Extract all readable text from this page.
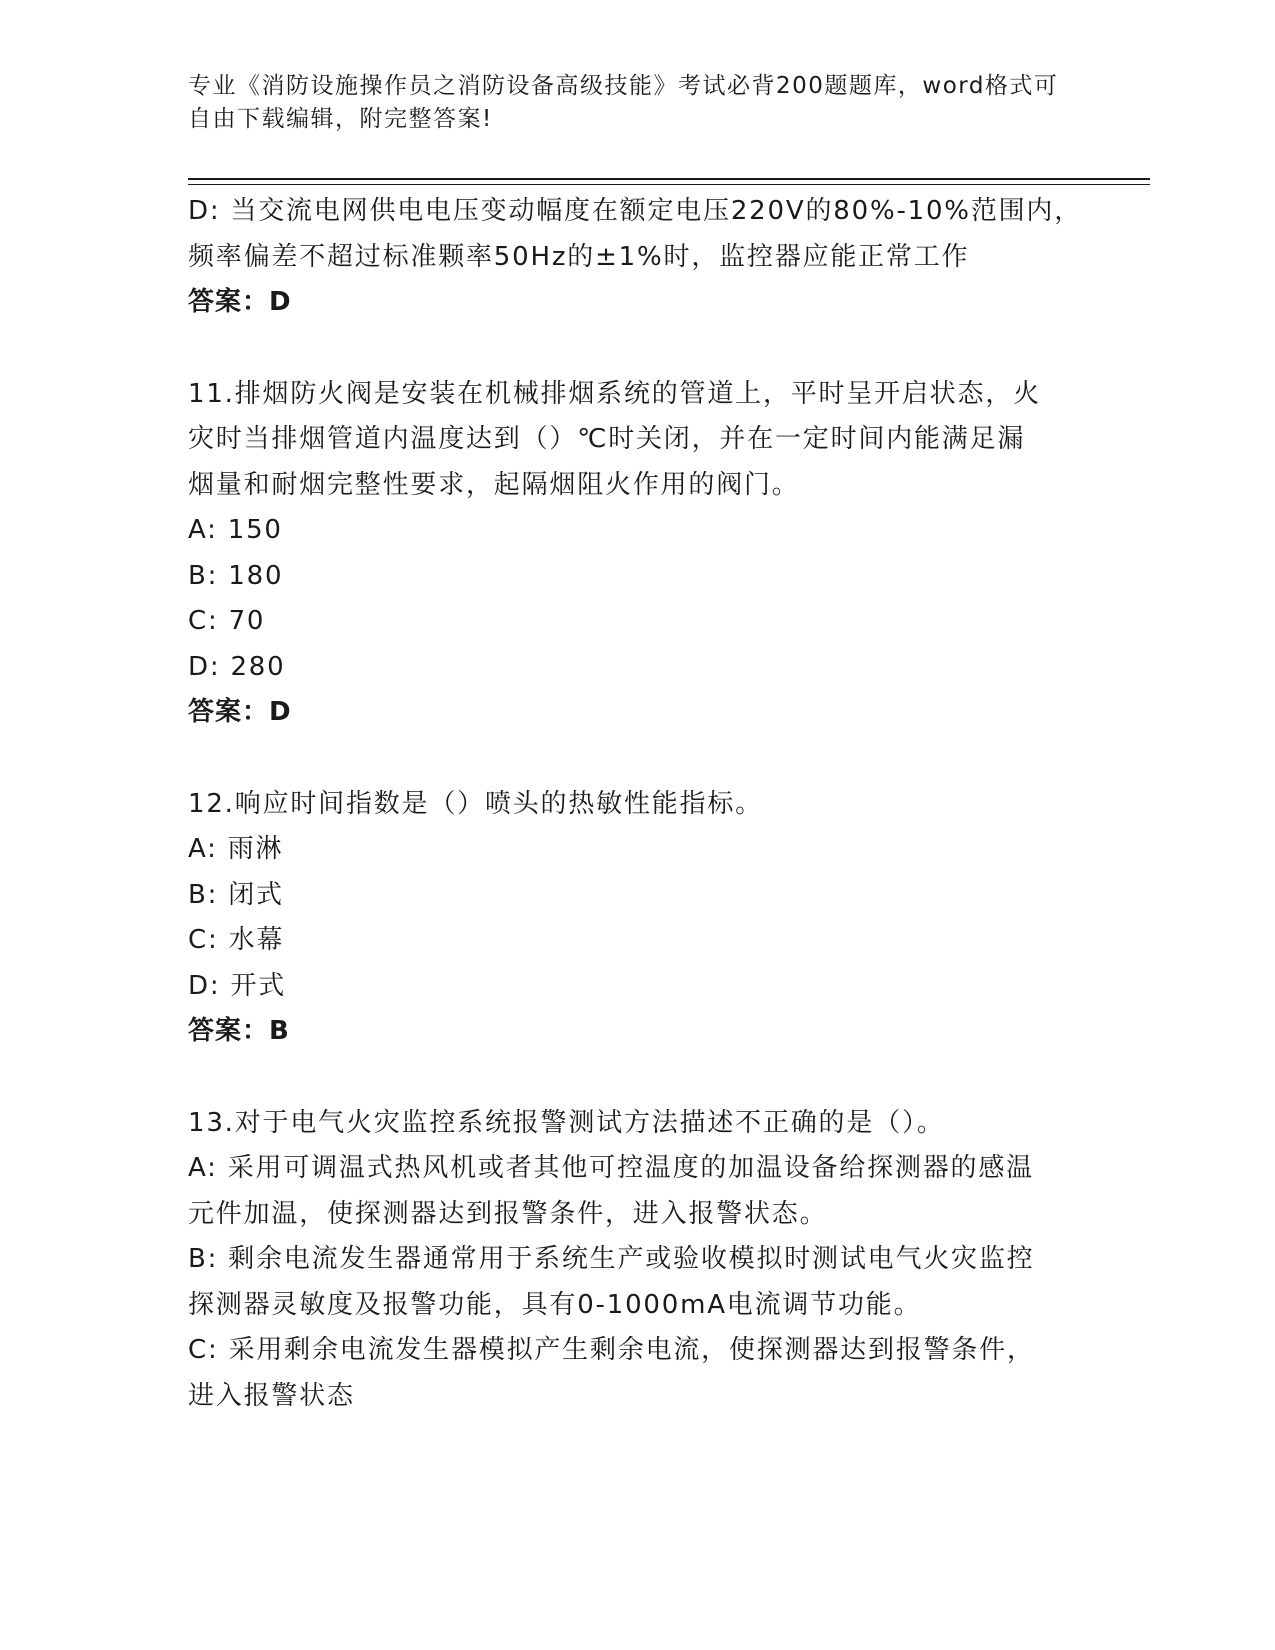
专业《消防设施操作员之消防设备高级技能》考试必背200题题库，word格式可
自由下载编辑，附完整答案!
D: 当交流电网供电电压变动幅度在额定电压220V的80%-10%范围内，
频率偏差不超过标准颗率50Hz的±1%时，监控器应能正常工作
答案：D
11.排烟防火阀是安装在机械排烟系统的管道上，平时呈开启状态，火
灾时当排烟管道内温度达到（）℃时关闭，并在一定时间内能满足漏
烟量和耐烟完整性要求，起隔烟阻火作用的阀门。
A: 150
B: 180
C: 70
D: 280
答案：D
12.响应时间指数是（）喷头的热敏性能指标。
A: 雨淋
B: 闭式
C: 水幕
D: 开式
答案：B
13.对于电气火灾监控系统报警测试方法描述不正确的是（）。
A: 采用可调温式热风机或者其他可控温度的加温设备给探测器的感温
元件加温，使探测器达到报警条件，进入报警状态。
B: 剩余电流发生器通常用于系统生产或验收模拟时测试电气火灾监控
探测器灵敏度及报警功能，具有0-1000mA电流调节功能。
C: 采用剩余电流发生器模拟产生剩余电流，使探测器达到报警条件，
进入报警状态
